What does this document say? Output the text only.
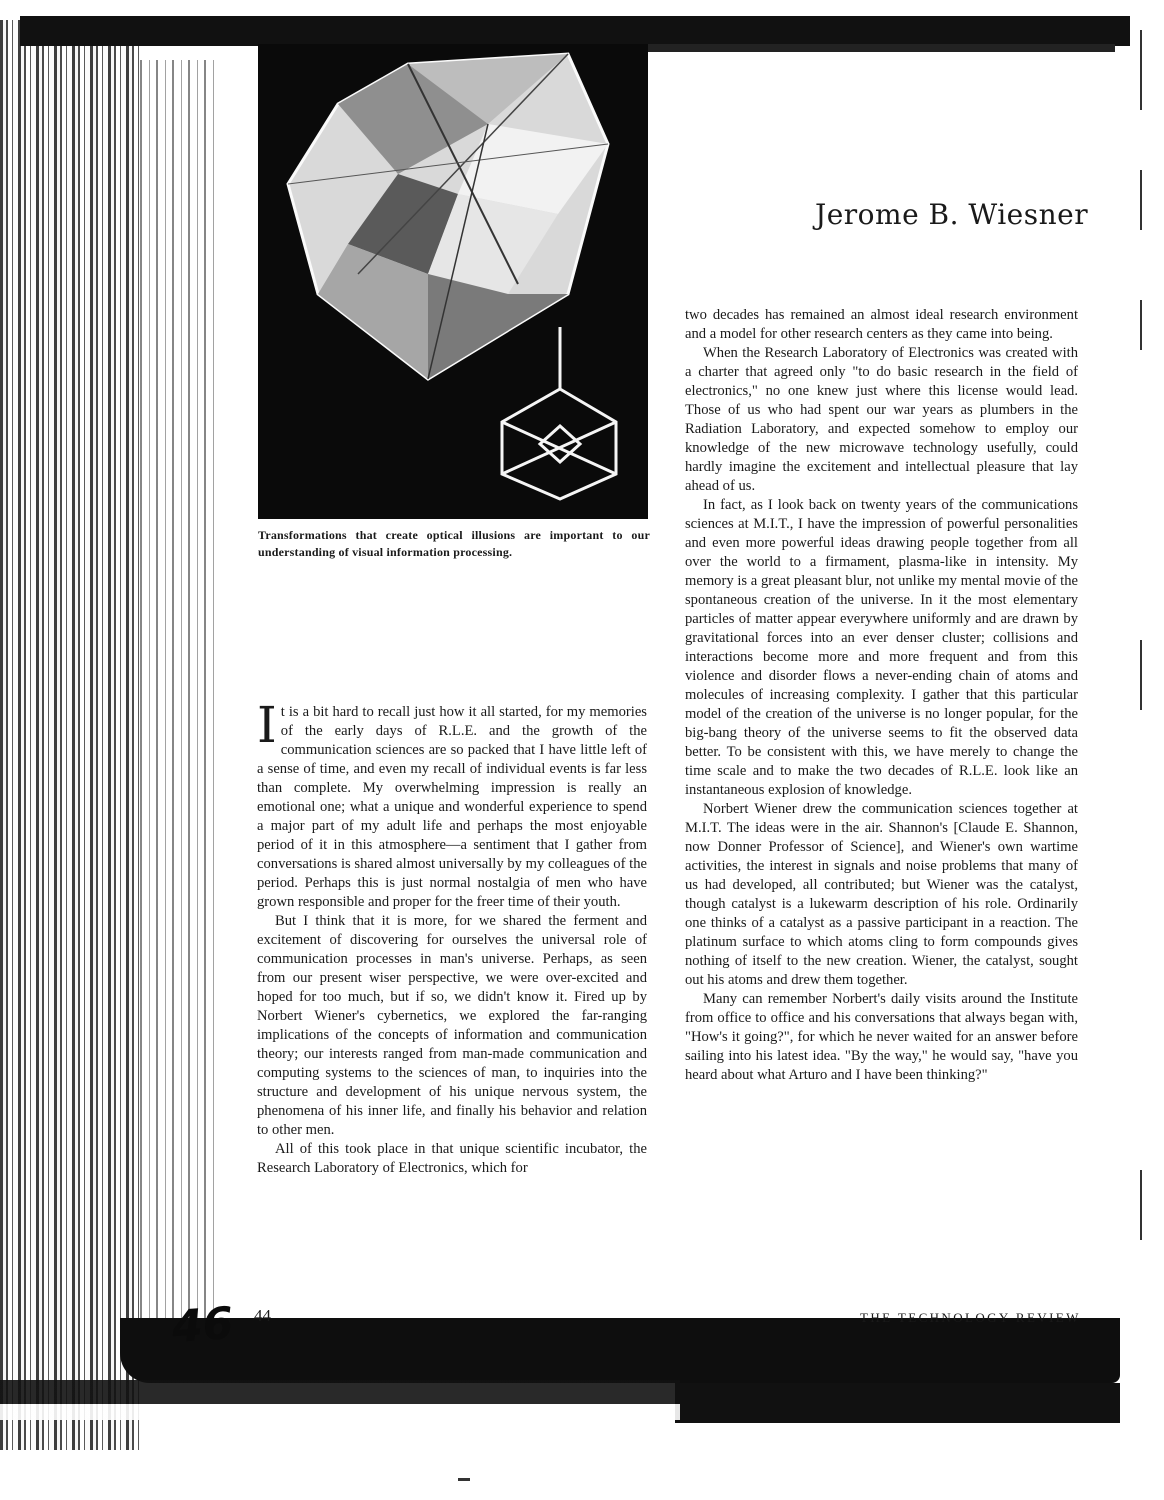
Transformations that create optical illusions are important to our understanding of visual information processing.
Jerome B. Wiesner

It is a bit hard to recall just how it all started, for my memories of the early days of R.L.E. and the growth of the communication sciences are so packed that I have little left of a sense of time, and even my recall of individual events is far less than complete. My overwhelming impression is really an emotional one; what a unique and wonderful experience to spend a major part of my adult life and perhaps the most enjoyable period of it in this atmosphere—a sentiment that I gather from conversations is shared almost universally by my colleagues of the period. Perhaps this is just normal nostalgia of men who have grown responsible and proper for the freer time of their youth.

But I think that it is more, for we shared the ferment and excitement of discovering for ourselves the universal role of communication processes in man's universe. Perhaps, as seen from our present wiser perspective, we were over-excited and hoped for too much, but if so, we didn't know it. Fired up by Norbert Wiener's cybernetics, we explored the far-ranging implications of the concepts of information and communication theory; our interests ranged from man-made communication and computing systems to the sciences of man, to inquiries into the structure and development of his unique nervous system, the phenomena of his inner life, and finally his behavior and relation to other men.

All of this took place in that unique scientific incubator, the Research Laboratory of Electronics, which for

two decades has remained an almost ideal research environment and a model for other research centers as they came into being.

When the Research Laboratory of Electronics was created with a charter that agreed only "to do basic research in the field of electronics," no one knew just where this license would lead. Those of us who had spent our war years as plumbers in the Radiation Laboratory, and expected somehow to employ our knowledge of the new microwave technology usefully, could hardly imagine the excitement and intellectual pleasure that lay ahead of us.

In fact, as I look back on twenty years of the communications sciences at M.I.T., I have the impression of powerful personalities and even more powerful ideas drawing people together from all over the world to a firmament, plasma-like in intensity. My memory is a great pleasant blur, not unlike my mental movie of the spontaneous creation of the universe. In it the most elementary particles of matter appear everywhere uniformly and are drawn by gravitational forces into an ever denser cluster; collisions and interactions become more and more frequent and from this violence and disorder flows a never-ending chain of atoms and molecules of increasing complexity. I gather that this particular model of the creation of the universe is no longer popular, for the big-bang theory of the universe seems to fit the observed data better. To be consistent with this, we have merely to change the time scale and to make the two decades of R.L.E. look like an instantaneous explosion of knowledge.

Norbert Wiener drew the communication sciences together at M.I.T. The ideas were in the air. Shannon's [Claude E. Shannon, now Donner Professor of Science], and Wiener's own wartime activities, the interest in signals and noise problems that many of us had developed, all contributed; but Wiener was the catalyst, though catalyst is a lukewarm description of his role. Ordinarily one thinks of a catalyst as a passive participant in a reaction. The platinum surface to which atoms cling to form compounds gives nothing of itself to the new creation. Wiener, the catalyst, sought out his atoms and drew them together.

Many can remember Norbert's daily visits around the Institute from office to office and his conversations that always began with, "How's it going?", for which he never waited for an answer before sailing into his latest idea. "By the way," he would say, "have you heard about what Arturo and I have been thinking?"

46 44	THE TECHNOLOGY REVIEW
